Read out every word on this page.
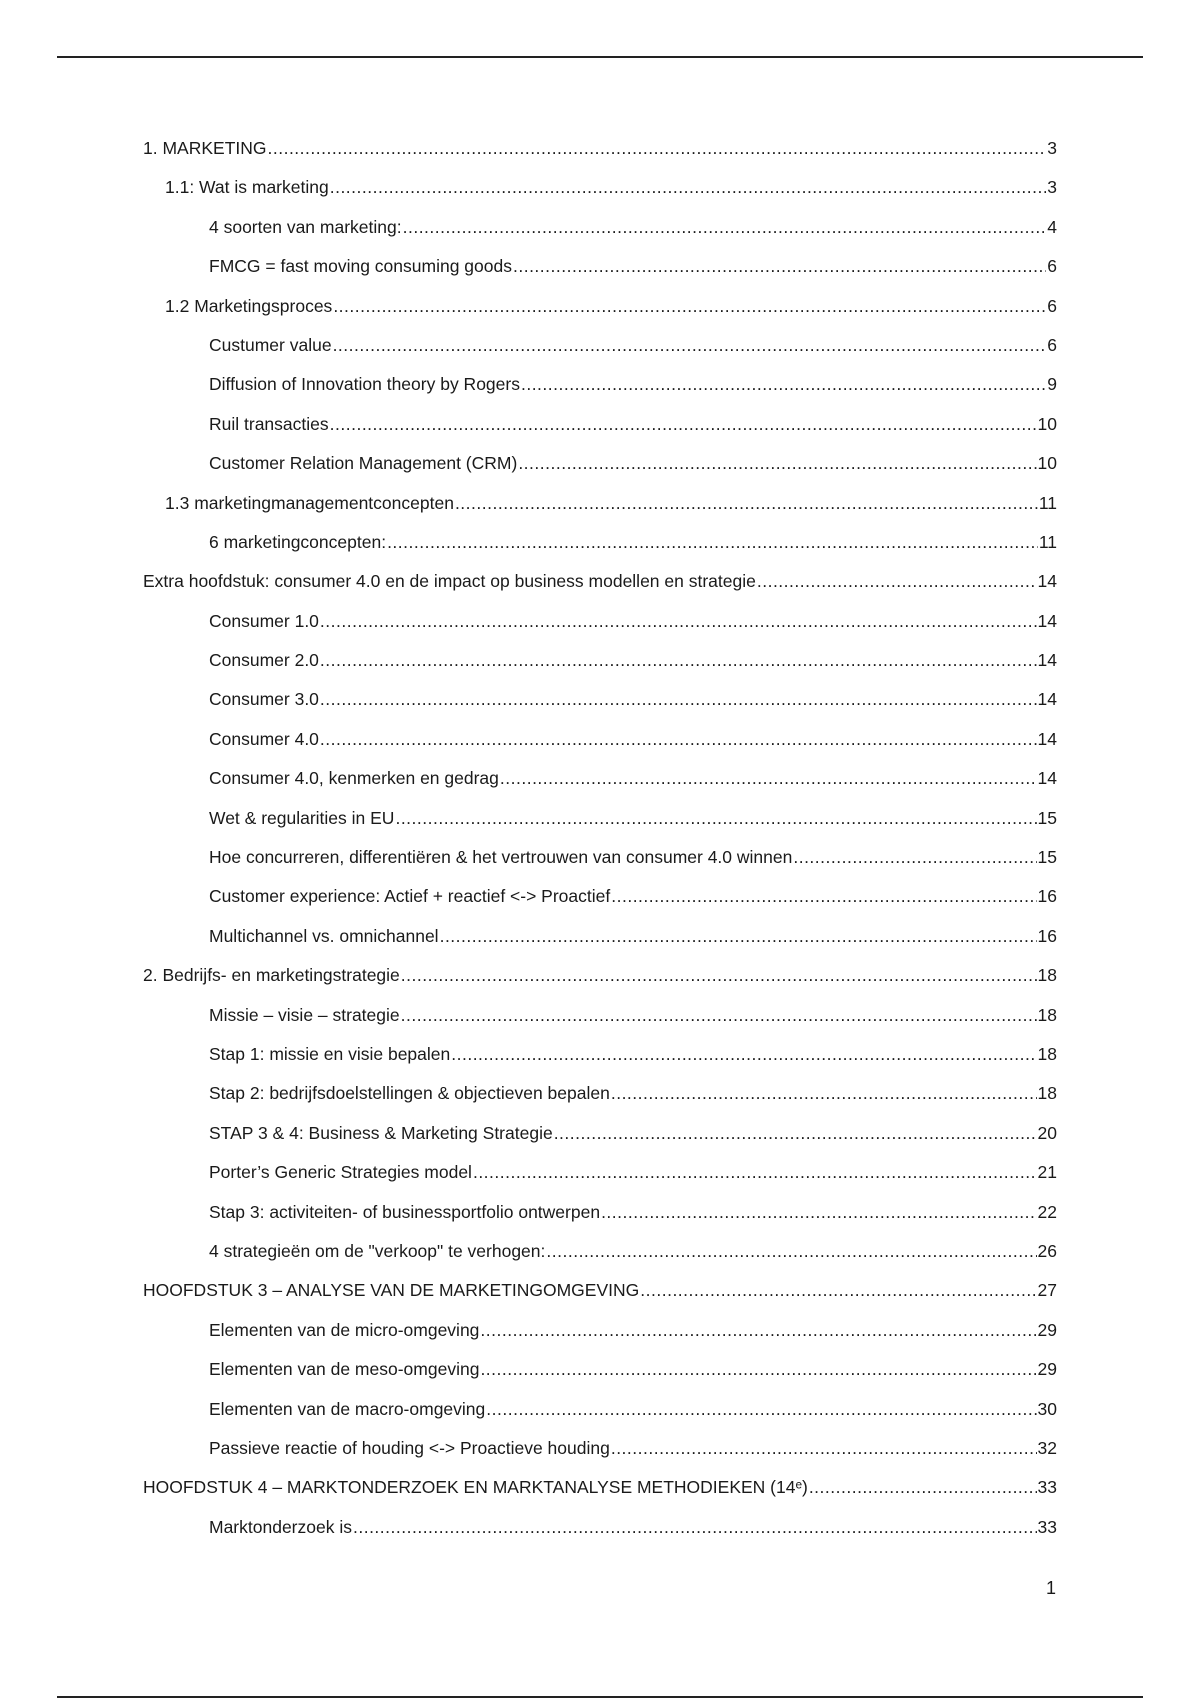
1. MARKETING .....	3
1.1: Wat is marketing .....	3
4 soorten van marketing: .....	4
FMCG = fast moving consuming goods .....	6
1.2 Marketingsproces .....	6
Custumer value .....	6
Diffusion of Innovation theory by Rogers .....	9
Ruil transacties .....	10
Customer Relation Management (CRM) .....	10
1.3 marketingmanagementconcepten .....	11
6 marketingconcepten: .....	11
Extra hoofdstuk: consumer 4.0 en de impact op business modellen en strategie .....	14
Consumer 1.0 .....	14
Consumer 2.0 .....	14
Consumer 3.0 .....	14
Consumer 4.0 .....	14
Consumer 4.0, kenmerken en gedrag .....	14
Wet & regularities in EU .....	15
Hoe concurreren, differentiëren & het vertrouwen van consumer 4.0 winnen .....	15
Customer experience: Actief + reactief <-> Proactief .....	16
Multichannel vs. omnichannel .....	16
2. Bedrijfs- en marketingstrategie .....	18
Missie – visie – strategie .....	18
Stap 1: missie en visie bepalen .....	18
Stap 2: bedrijfsdoelstellingen & objectieven bepalen .....	18
STAP 3 & 4: Business & Marketing Strategie .....	20
Porter’s Generic Strategies model .....	21
Stap 3: activiteiten- of businessportfolio ontwerpen .....	22
4 strategieën om de "verkoop" te verhogen: .....	26
HOOFDSTUK 3 – ANALYSE VAN DE MARKETINGOMGEVING .....	27
Elementen van de micro-omgeving .....	29
Elementen van de meso-omgeving .....	29
Elementen van de macro-omgeving .....	30
Passieve reactie of houding <-> Proactieve houding .....	32
HOOFDSTUK 4 – MARKTONDERZOEK EN MARKTANALYSE METHODIEKEN (14ᵉ) .....	33
Marktonderzoek is .....	33
1
